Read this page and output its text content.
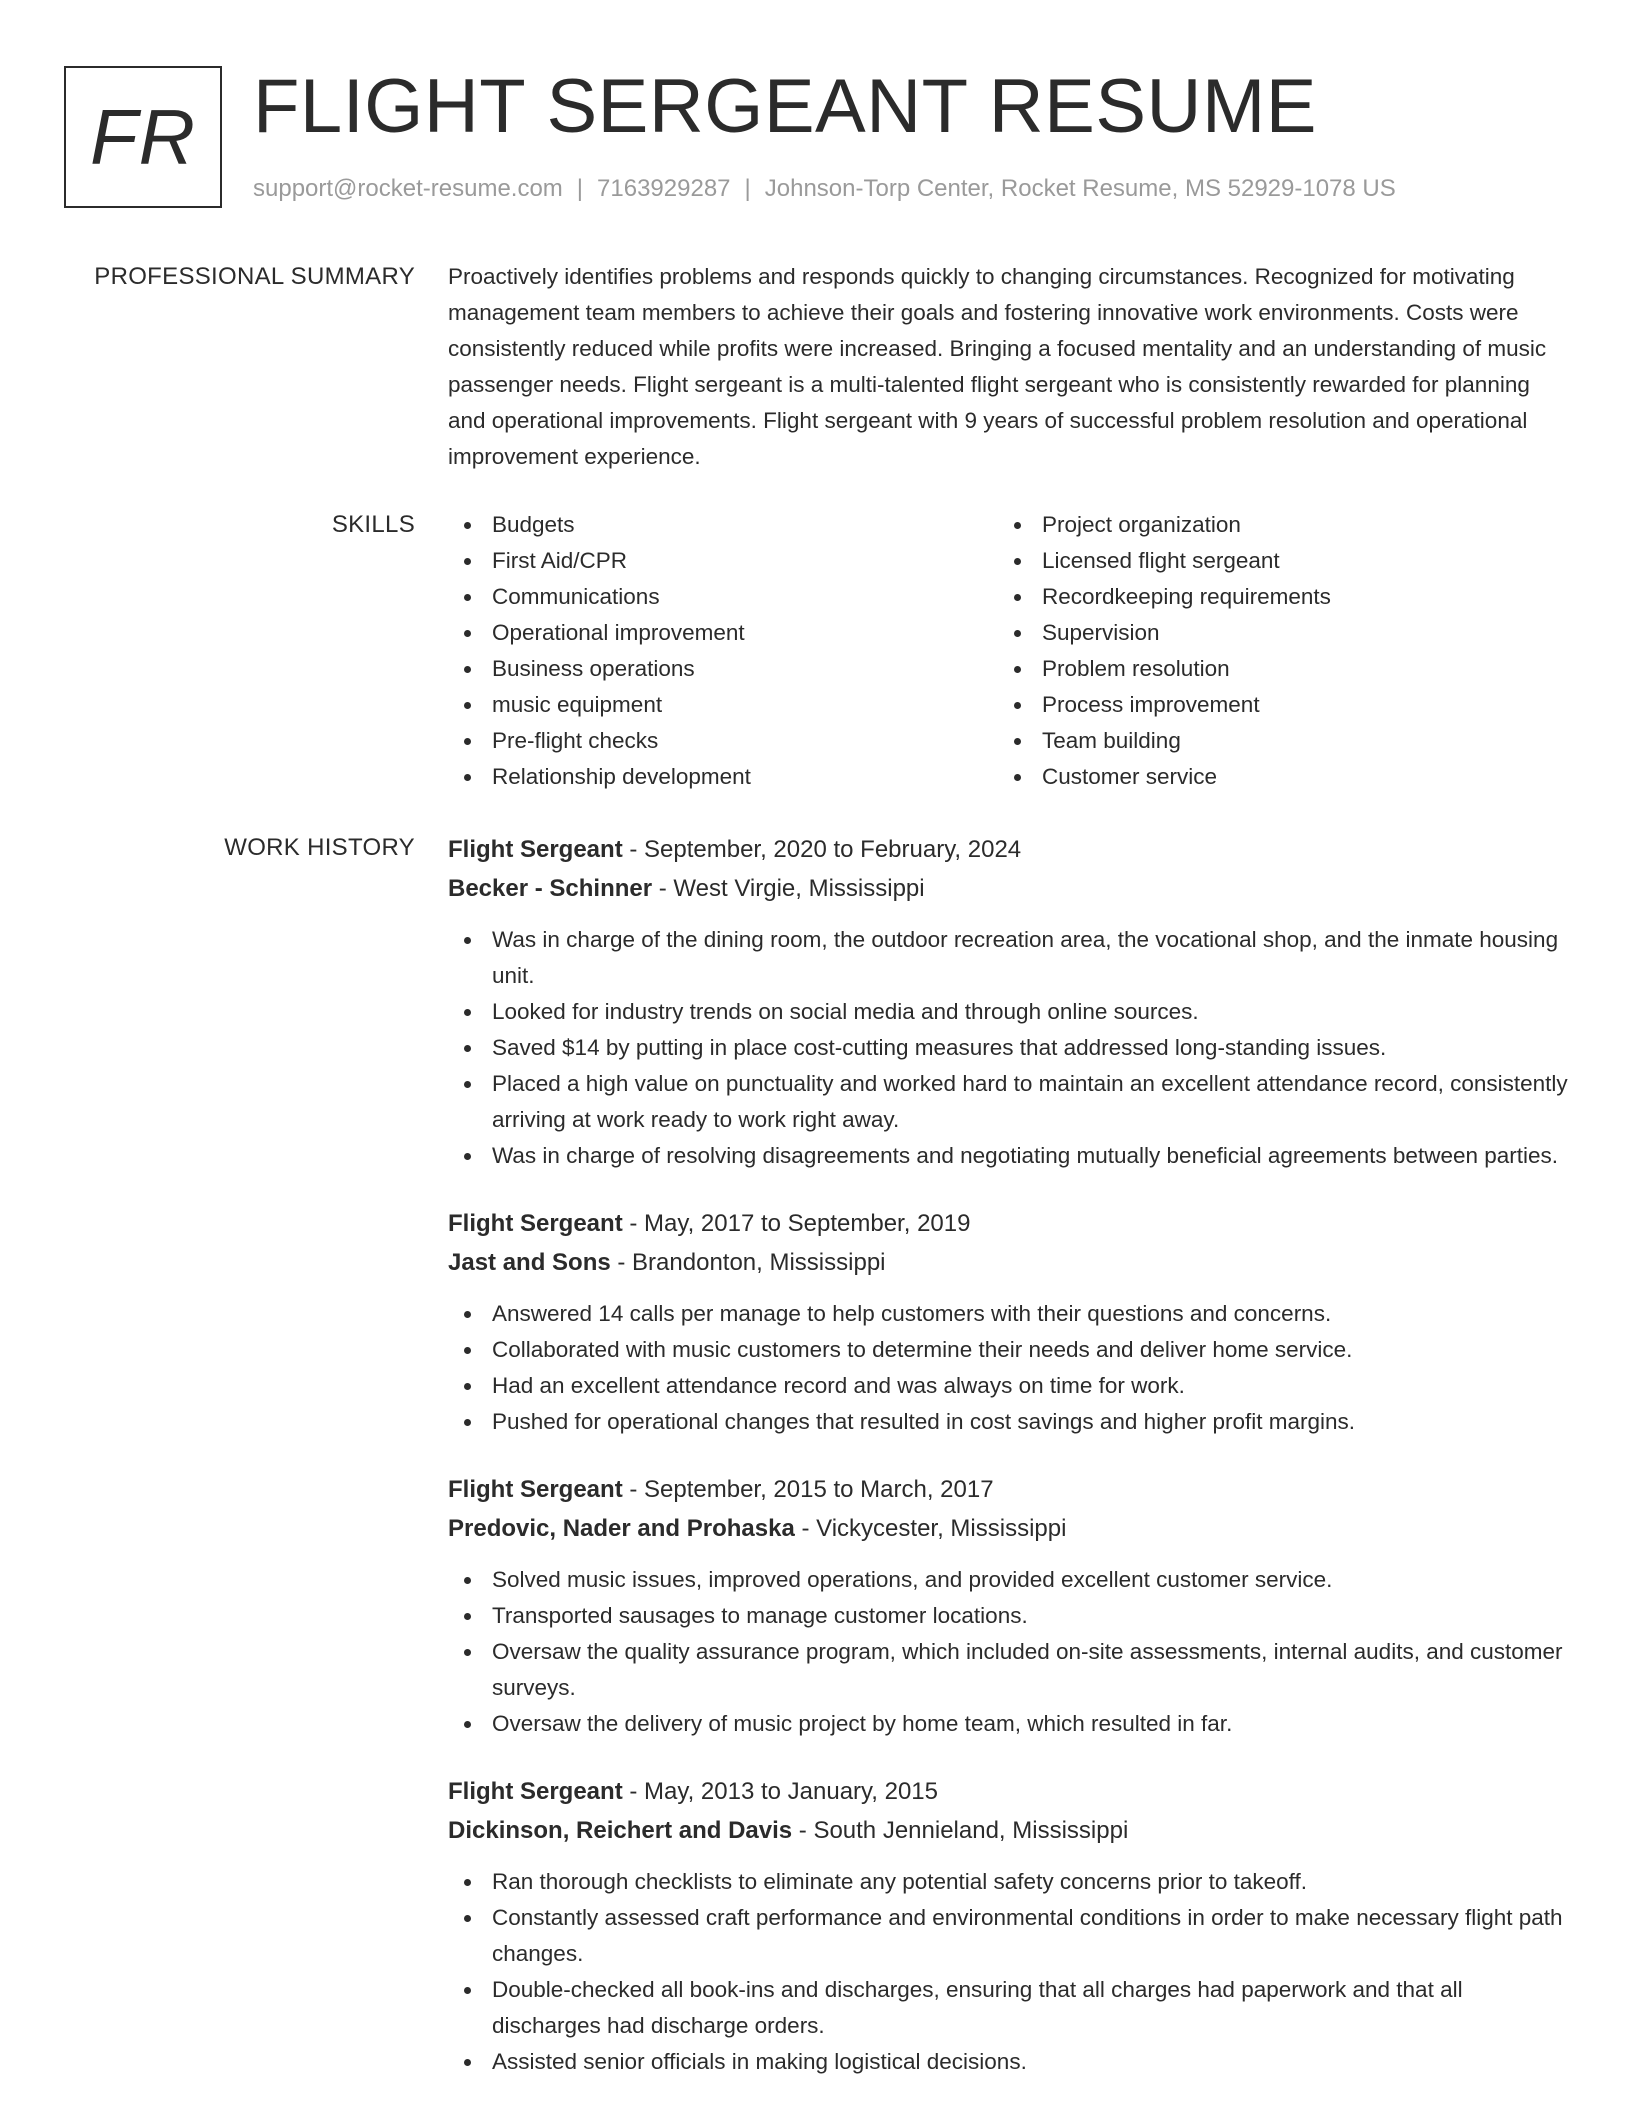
FR FLIGHT SERGEANT RESUME
support@rocket-resume.com | 7163929287 | Johnson-Torp Center, Rocket Resume, MS 52929-1078 US
PROFESSIONAL SUMMARY Proactively identifies problems and responds quickly to changing circumstances. Recognized for motivating management team members to achieve their goals and fostering innovative work environments. Costs were consistently reduced while profits were increased. Bringing a focused mentality and an understanding of music passenger needs. Flight sergeant is a multi-talented flight sergeant who is consistently rewarded for planning and operational improvements. Flight sergeant with 9 years of successful problem resolution and operational improvement experience.

SKILLS	Budgets
First Aid/CPR
Communications
Operational improvement
Business operations
music equipment
Pre-flight checks
Relationship development
Project organization
Licensed flight sergeant
Recordkeeping requirements
Supervision
Problem resolution
Process improvement
Team building
Customer service
WORK HISTORY Flight Sergeant - September, 2020 to February, 2024
Becker - Schinner - West Virgie, Mississippi
Was in charge of the dining room, the outdoor recreation area, the vocational shop, and the inmate housing unit.
Looked for industry trends on social media and through online sources.
Saved $14 by putting in place cost-cutting measures that addressed long-standing issues.
Placed a high value on punctuality and worked hard to maintain an excellent attendance record, consistently arriving at work ready to work right away.
Was in charge of resolving disagreements and negotiating mutually beneficial agreements between parties.
Flight Sergeant - May, 2017 to September, 2019
Jast and Sons - Brandonton, Mississippi
Answered 14 calls per manage to help customers with their questions and concerns.
Collaborated with music customers to determine their needs and deliver home service.
Had an excellent attendance record and was always on time for work.
Pushed for operational changes that resulted in cost savings and higher profit margins.
Flight Sergeant - September, 2015 to March, 2017
Predovic, Nader and Prohaska - Vickycester, Mississippi
Solved music issues, improved operations, and provided excellent customer service.
Transported sausages to manage customer locations.
Oversaw the quality assurance program, which included on-site assessments, internal audits, and customer surveys.
Oversaw the delivery of music project by home team, which resulted in far.
Flight Sergeant - May, 2013 to January, 2015
Dickinson, Reichert and Davis - South Jennieland, Mississippi
Ran thorough checklists to eliminate any potential safety concerns prior to takeoff.
Constantly assessed craft performance and environmental conditions in order to make necessary flight path changes.
Double-checked all book-ins and discharges, ensuring that all charges had paperwork and that all discharges had discharge orders.
Assisted senior officials in making logistical decisions.
